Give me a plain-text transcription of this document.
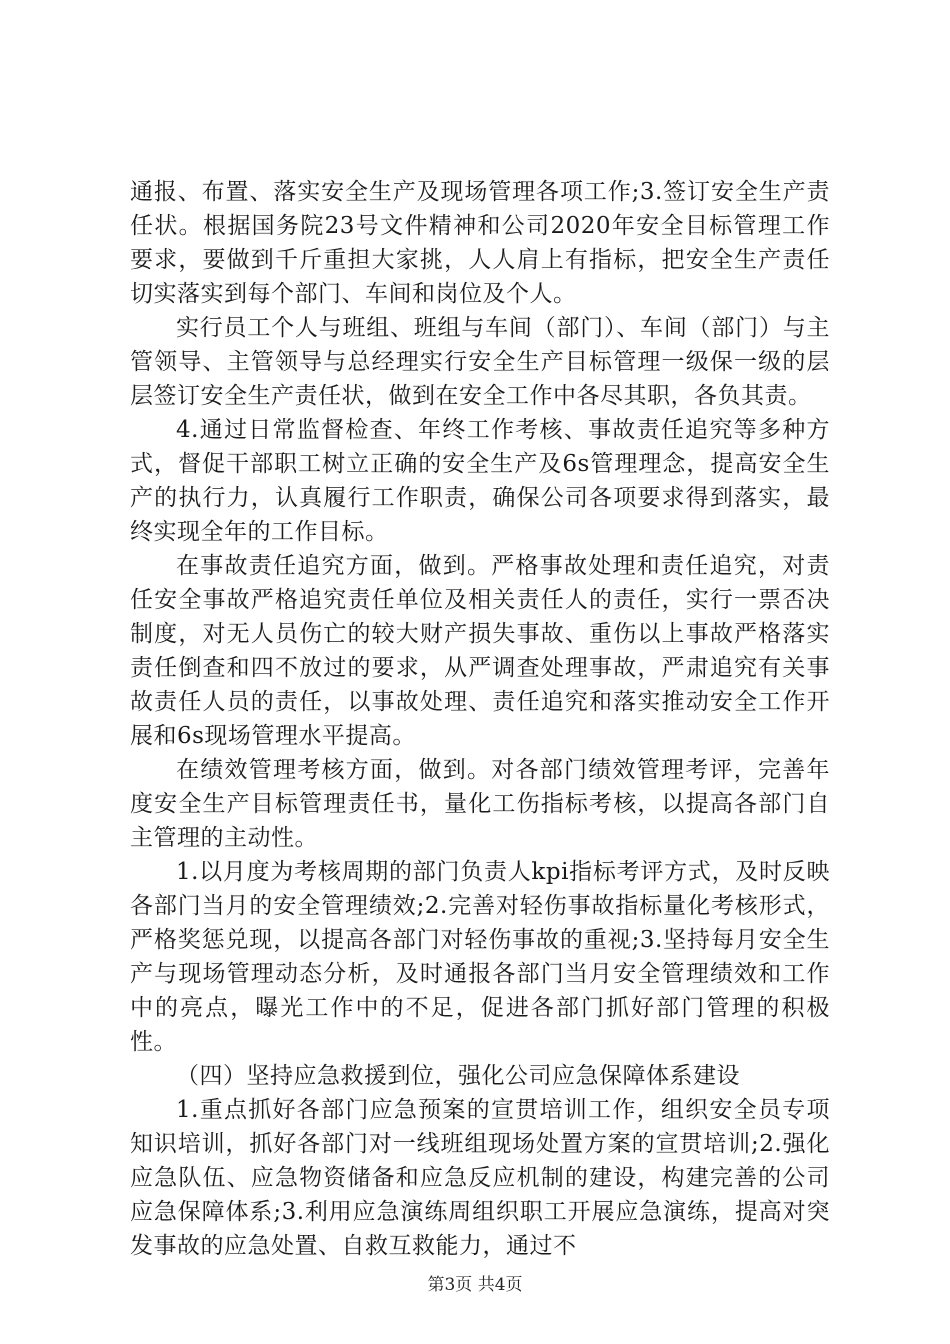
通报、布置、落实安全生产及现场管理各项工作;3.签订安全生产责任状。根据国务院23号文件精神和公司2020年安全目标管理工作要求，要做到千斤重担大家挑，人人肩上有指标，把安全生产责任切实落实到每个部门、车间和岗位及个人。

实行员工个人与班组、班组与车间（部门）、车间（部门）与主管领导、主管领导与总经理实行安全生产目标管理一级保一级的层层签订安全生产责任状，做到在安全工作中各尽其职，各负其责。

4.通过日常监督检查、年终工作考核、事故责任追究等多种方式，督促干部职工树立正确的安全生产及6s管理理念，提高安全生产的执行力，认真履行工作职责，确保公司各项要求得到落实，最终实现全年的工作目标。

在事故责任追究方面，做到。严格事故处理和责任追究，对责任安全事故严格追究责任单位及相关责任人的责任，实行一票否决制度，对无人员伤亡的较大财产损失事故、重伤以上事故严格落实责任倒查和四不放过的要求，从严调查处理事故，严肃追究有关事故责任人员的责任，以事故处理、责任追究和落实推动安全工作开展和6s现场管理水平提高。

在绩效管理考核方面，做到。对各部门绩效管理考评，完善年度安全生产目标管理责任书，量化工伤指标考核，以提高各部门自主管理的主动性。

1.以月度为考核周期的部门负责人kpi指标考评方式，及时反映各部门当月的安全管理绩效;2.完善对轻伤事故指标量化考核形式，严格奖惩兑现，以提高各部门对轻伤事故的重视;3.坚持每月安全生产与现场管理动态分析，及时通报各部门当月安全管理绩效和工作中的亮点，曝光工作中的不足，促进各部门抓好部门管理的积极性。

（四）坚持应急救援到位，强化公司应急保障体系建设

1.重点抓好各部门应急预案的宣贯培训工作，组织安全员专项知识培训，抓好各部门对一线班组现场处置方案的宣贯培训;2.强化应急队伍、应急物资储备和应急反应机制的建设，构建完善的公司应急保障体系;3.利用应急演练周组织职工开展应急演练，提高对突发事故的应急处置、自救互救能力，通过不

第3页 共4页
